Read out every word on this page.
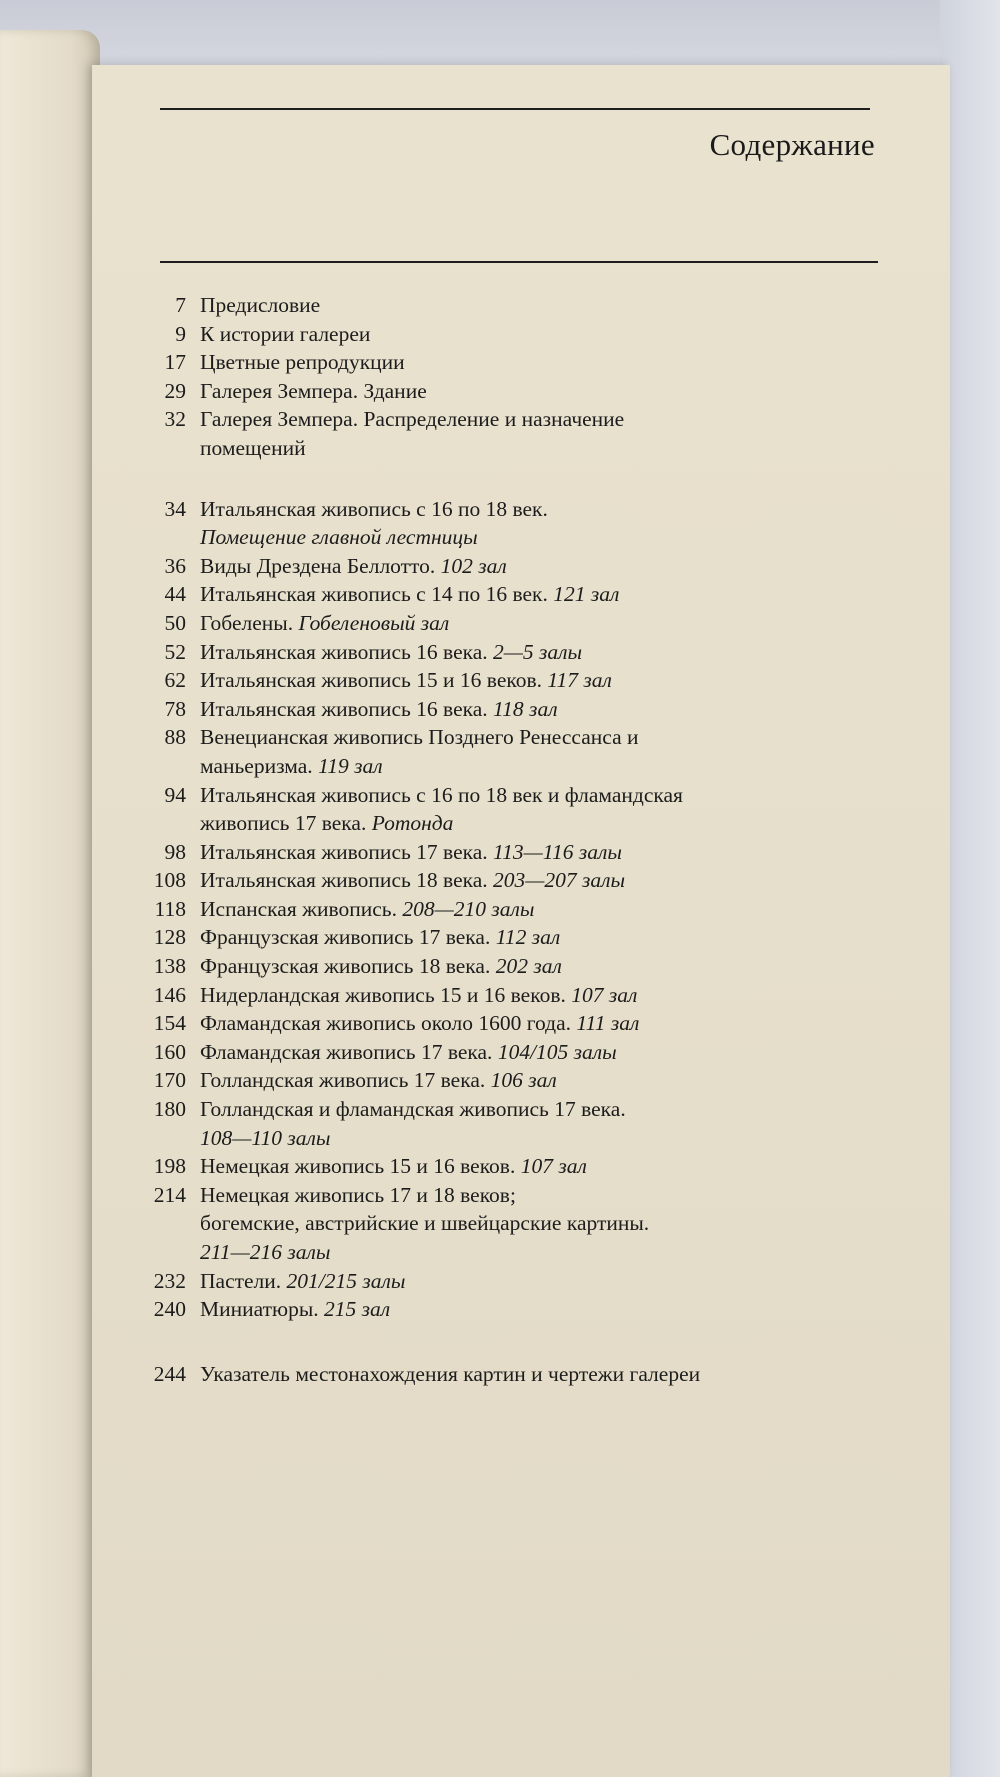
Содержание
7 Предисловие
9 К истории галереи
17 Цветные репродукции
29 Галерея Земпера. Здание
32 Галерея Земпера. Распределение и назначение
помещений
34 Итальянская живопись с 16 по 18 век.
Помещение главной лестницы
36 Виды Дрездена Беллотто. 102 зал
44 Итальянская живопись с 14 по 16 век. 121 зал
50 Гобелены. Гобеленовый зал
52 Итальянская живопись 16 века. 2—5 залы
62 Итальянская живопись 15 и 16 веков. 117 зал
78 Итальянская живопись 16 века. 118 зал
88 Венецианская живопись Позднего Ренессанса и
маньеризма. 119 зал
94 Итальянская живопись с 16 по 18 век и фламандская
живопись 17 века. Ротонда
98 Итальянская живопись 17 века. 113—116 залы
108 Итальянская живопись 18 века. 203—207 залы
118 Испанская живопись. 208—210 залы
128 Французская живопись 17 века. 112 зал
138 Французская живопись 18 века. 202 зал
146 Нидерландская живопись 15 и 16 веков. 107 зал
154 Фламандская живопись около 1600 года. 111 зал
160 Фламандская живопись 17 века. 104/105 залы
170 Голландская живопись 17 века. 106 зал
180 Голландская и фламандская живопись 17 века.
108—110 залы
198 Немецкая живопись 15 и 16 веков. 107 зал
214 Немецкая живопись 17 и 18 веков;
богемские, австрийские и швейцарские картины.
211—216 залы
232 Пастели. 201/215 залы
240 Миниатюры. 215 зал
244 Указатель местонахождения картин и чертежи галереи
